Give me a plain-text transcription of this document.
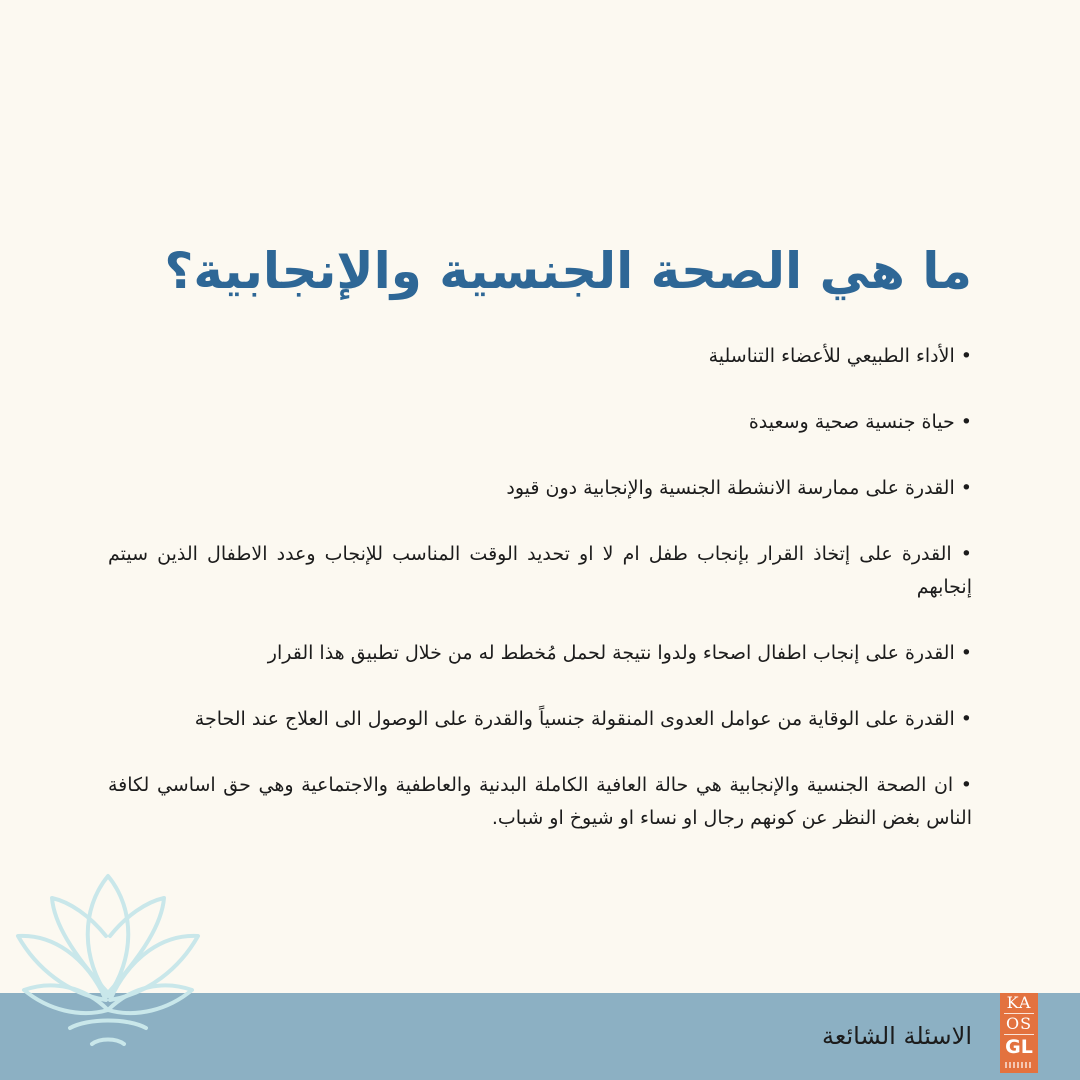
ما هي الصحة الجنسية والإنجابية؟
• الأداء الطبيعي للأعضاء التناسلية
• حياة جنسية صحية وسعيدة
• القدرة على ممارسة الانشطة الجنسية والإنجابية دون قيود
• القدرة على إتخاذ القرار بإنجاب طفل ام لا او تحديد الوقت المناسب للإنجاب وعدد الاطفال الذين سيتم إنجابهم
• القدرة على إنجاب اطفال اصحاء ولدوا نتيجة لحمل مُخطط له من خلال تطبيق هذا القرار
• القدرة على الوقاية من عوامل العدوى المنقولة جنسياً والقدرة على الوصول الى العلاج عند الحاجة
• ان الصحة الجنسية والإنجابية هي حالة العافية الكاملة البدنية والعاطفية والاجتماعية وهي حق اساسي لكافة الناس بغض النظر عن كونهم رجال او نساء او شيوخ او شباب.
الاسئلة الشائعة
KA
OS
GL
